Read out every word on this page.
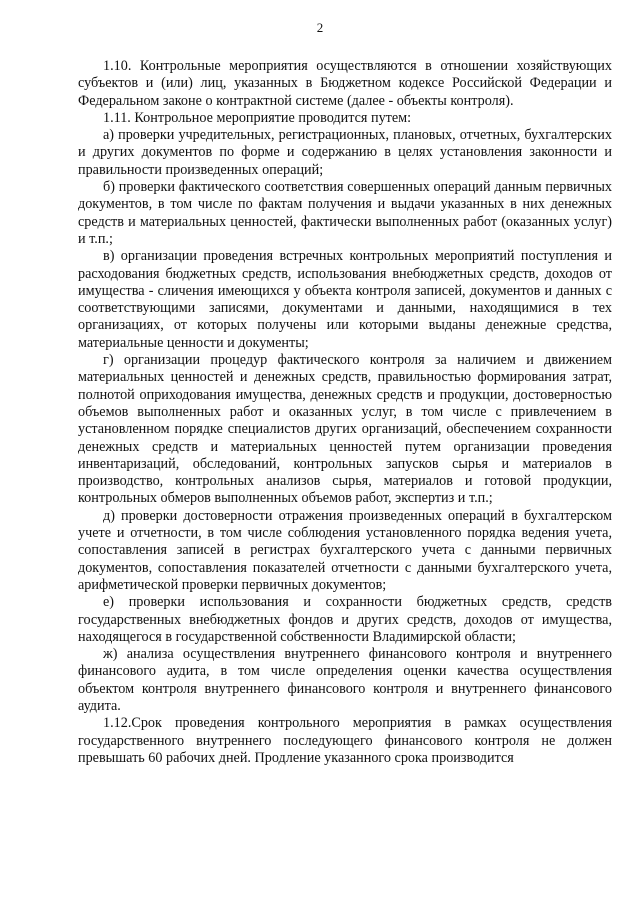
2

1.10. Контрольные мероприятия осуществляются в отношении хозяйствующих субъектов и (или) лиц, указанных в Бюджетном кодексе Российской Федерации и Федеральном законе о контрактной системе (далее - объекты контроля).

1.11. Контрольное мероприятие проводится путем:

а) проверки учредительных, регистрационных, плановых, отчетных, бухгалтерских и других документов по форме и содержанию в целях установления законности и правильности произведенных операций;

б) проверки фактического соответствия совершенных операций данным первичных документов, в том числе по фактам получения и выдачи указанных в них денежных средств и материальных ценностей, фактически выполненных работ (оказанных услуг) и т.п.;

в) организации проведения встречных контрольных мероприятий поступления и расходования бюджетных средств, использования внебюджетных средств, доходов от имущества - сличения имеющихся у объекта контроля записей, документов и данных с соответствующими записями, документами и данными, находящимися в тех организациях, от которых получены или которыми выданы денежные средства, материальные ценности и документы;

г) организации процедур фактического контроля за наличием и движением материальных ценностей и денежных средств, правильностью формирования затрат, полнотой оприходования имущества, денежных средств и продукции, достоверностью объемов выполненных работ и оказанных услуг, в том числе с привлечением в установленном порядке специалистов других организаций, обеспечением сохранности денежных средств и материальных ценностей путем организации проведения инвентаризаций, обследований, контрольных запусков сырья и материалов в производство, контрольных анализов сырья, материалов и готовой продукции, контрольных обмеров выполненных объемов работ, экспертиз и т.п.;

д) проверки достоверности отражения произведенных операций в бухгалтерском учете и отчетности, в том числе соблюдения установленного порядка ведения учета, сопоставления записей в регистрах бухгалтерского учета с данными первичных документов, сопоставления показателей отчетности с данными бухгалтерского учета, арифметической проверки первичных документов;

е) проверки использования и сохранности бюджетных средств, средств государственных внебюджетных фондов и других средств, доходов от имущества, находящегося в государственной собственности Владимирской области;

ж) анализа осуществления внутреннего финансового контроля и внутреннего финансового аудита, в том числе определения оценки качества осуществления объектом контроля внутреннего финансового контроля и внутреннего финансового аудита.

1.12.Срок проведения контрольного мероприятия в рамках осуществления государственного внутреннего последующего финансового контроля не должен превышать 60 рабочих дней. Продление указанного срока производится
